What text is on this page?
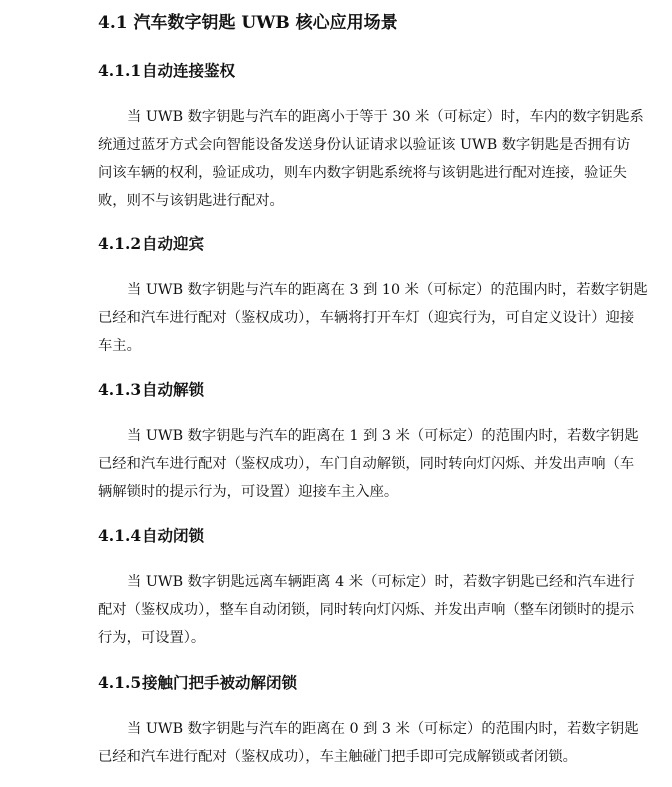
4.1 汽车数字钥匙 UWB 核心应用场景
4.1.1自动连接鉴权
当 UWB 数字钥匙与汽车的距离小于等于 30 米（可标定）时，车内的数字钥匙系
统通过蓝牙方式会向智能设备发送身份认证请求以验证该 UWB 数字钥匙是否拥有访
问该车辆的权利，验证成功，则车内数字钥匙系统将与该钥匙进行配对连接，验证失
败，则不与该钥匙进行配对。
4.1.2自动迎宾
当 UWB 数字钥匙与汽车的距离在 3 到 10 米（可标定）的范围内时，若数字钥匙
已经和汽车进行配对（鉴权成功），车辆将打开车灯（迎宾行为，可自定义设计）迎接
车主。
4.1.3自动解锁
当 UWB 数字钥匙与汽车的距离在 1 到 3 米（可标定）的范围内时，若数字钥匙
已经和汽车进行配对（鉴权成功），车门自动解锁，同时转向灯闪烁、并发出声响（车
辆解锁时的提示行为，可设置）迎接车主入座。
4.1.4自动闭锁
当 UWB 数字钥匙远离车辆距离 4 米（可标定）时，若数字钥匙已经和汽车进行
配对（鉴权成功），整车自动闭锁，同时转向灯闪烁、并发出声响（整车闭锁时的提示
行为，可设置）。
4.1.5接触门把手被动解闭锁
当 UWB 数字钥匙与汽车的距离在 0 到 3 米（可标定）的范围内时，若数字钥匙
已经和汽车进行配对（鉴权成功），车主触碰门把手即可完成解锁或者闭锁。
